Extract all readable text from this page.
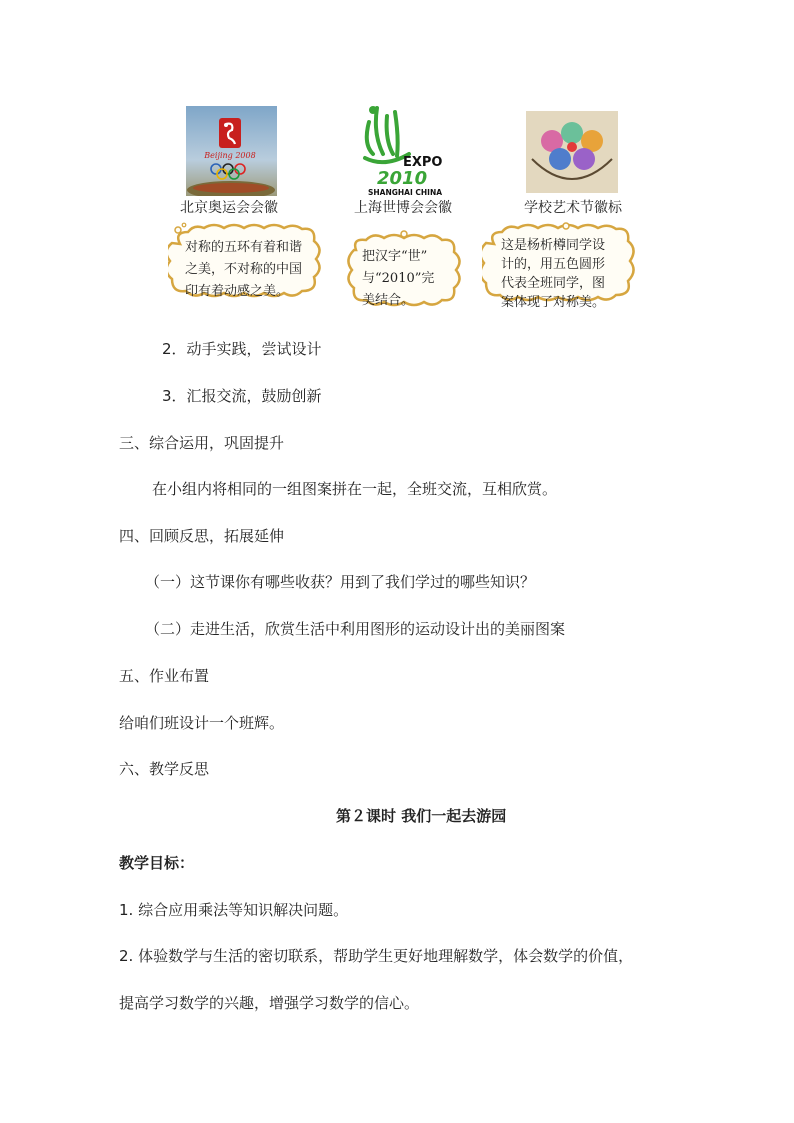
Beijing 2008
北京奥运会会徽
EXPO
2010
SHANGHAI CHINA
上海世博会会徽	学校艺术节徽标
对称的五环有着和谐
之美，不对称的中国
印有着动感之美。
把汉字“世”
与“2010”完
美结合。
这是杨析樽同学设
计的，用五色圆形
代表全班同学，图
案体现了对称美。
2．动手实践，尝试设计
3．汇报交流，鼓励创新
三、综合运用，巩固提升
在小组内将相同的一组图案拼在一起，全班交流，互相欣赏。
四、回顾反思，拓展延伸
（一）这节课你有哪些收获？用到了我们学过的哪些知识？
（二）走进生活，欣赏生活中利用图形的运动设计出的美丽图案
五、作业布置
给咱们班设计一个班辉。
六、教学反思
第２课时 我们一起去游园
教学目标：
1. 综合应用乘法等知识解决问题。
2. 体验数学与生活的密切联系，帮助学生更好地理解数学，体会数学的价值，
提高学习数学的兴趣，增强学习数学的信心。
